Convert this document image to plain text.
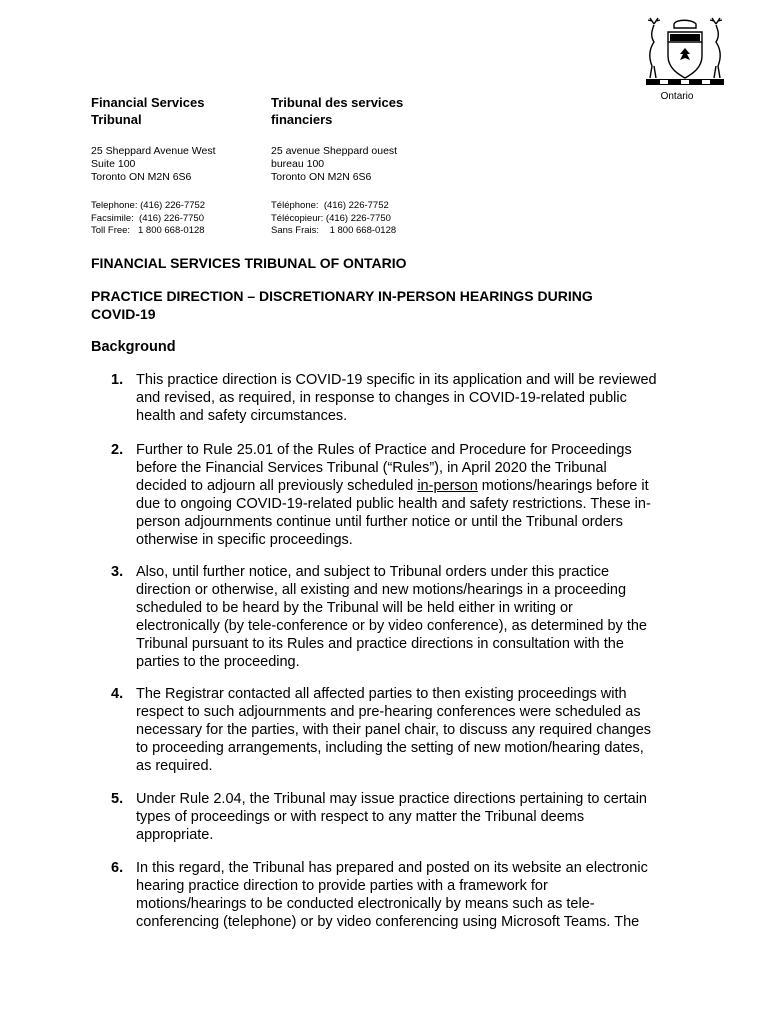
Ontario
Financial Services
Tribunal
25 Sheppard Avenue West
Suite 100
Toronto ON M2N 6S6
Telephone: (416) 226-7752
Facsimile:  (416) 226-7750
Toll Free:   1 800 668-0128
Tribunal des services
financiers
25 avenue Sheppard ouest
bureau 100
Toronto ON M2N 6S6
Téléphone:  (416) 226-7752
Télécopieur: (416) 226-7750
Sans Frais:    1 800 668-0128
FINANCIAL SERVICES TRIBUNAL OF ONTARIO
PRACTICE DIRECTION – DISCRETIONARY IN-PERSON HEARINGS DURING
COVID-19
Background
1. This practice direction is COVID-19 specific in its application and will be reviewed
and revised, as required, in response to changes in COVID-19-related public
health and safety circumstances.
2. Further to Rule 25.01 of the Rules of Practice and Procedure for Proceedings
before the Financial Services Tribunal (“Rules”), in April 2020 the Tribunal
decided to adjourn all previously scheduled in-person motions/hearings before it
due to ongoing COVID-19-related public health and safety restrictions. These in-
person adjournments continue until further notice or until the Tribunal orders
otherwise in specific proceedings.
3. Also, until further notice, and subject to Tribunal orders under this practice
direction or otherwise, all existing and new motions/hearings in a proceeding
scheduled to be heard by the Tribunal will be held either in writing or
electronically (by tele-conference or by video conference), as determined by the
Tribunal pursuant to its Rules and practice directions in consultation with the
parties to the proceeding.
4. The Registrar contacted all affected parties to then existing proceedings with
respect to such adjournments and pre-hearing conferences were scheduled as
necessary for the parties, with their panel chair, to discuss any required changes
to proceeding arrangements, including the setting of new motion/hearing dates,
as required.
5. Under Rule 2.04, the Tribunal may issue practice directions pertaining to certain
types of proceedings or with respect to any matter the Tribunal deems
appropriate.
6. In this regard, the Tribunal has prepared and posted on its website an electronic
hearing practice direction to provide parties with a framework for
motions/hearings to be conducted electronically by means such as tele-
conferencing (telephone) or by video conferencing using Microsoft Teams. The
